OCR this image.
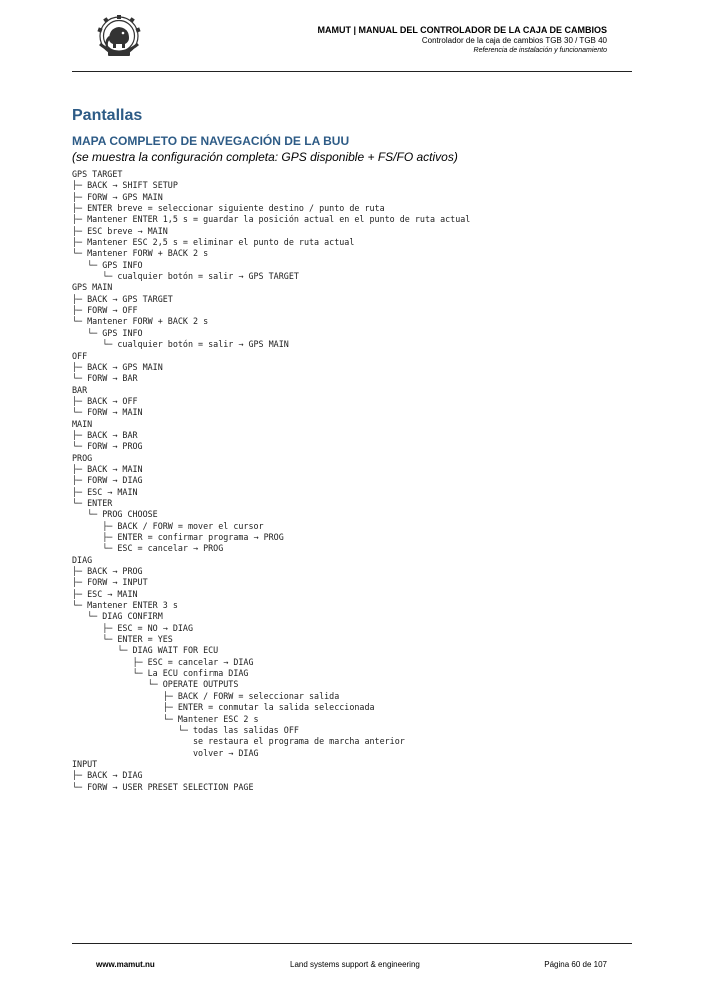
MAMUT | MANUAL DEL CONTROLADOR DE LA CAJA DE CAMBIOS
Controlador de la caja de cambios TGB 30 / TGB 40
Referencia de instalación y funcionamiento
Pantallas
MAPA COMPLETO DE NAVEGACIÓN DE LA BUU

(se muestra la configuración completa: GPS disponible + FS/FO activos)

GPS TARGET
├─ BACK → SHIFT SETUP
├─ FORW → GPS MAIN
├─ ENTER breve = seleccionar siguiente destino / punto de ruta
├─ Mantener ENTER 1,5 s = guardar la posición actual en el punto de ruta actual
├─ ESC breve → MAIN
├─ Mantener ESC 2,5 s = eliminar el punto de ruta actual
└─ Mantener FORW + BACK 2 s
└─ GPS INFO
└─ cualquier botón = salir → GPS TARGET
GPS MAIN
├─ BACK → GPS TARGET
├─ FORW → OFF
└─ Mantener FORW + BACK 2 s
└─ GPS INFO
└─ cualquier botón = salir → GPS MAIN
OFF
├─ BACK → GPS MAIN
└─ FORW → BAR
BAR
├─ BACK → OFF
└─ FORW → MAIN
MAIN
├─ BACK → BAR
└─ FORW → PROG
PROG
├─ BACK → MAIN
├─ FORW → DIAG
├─ ESC → MAIN
└─ ENTER
└─ PROG CHOOSE
├─ BACK / FORW = mover el cursor
├─ ENTER = confirmar programa → PROG
└─ ESC = cancelar → PROG
DIAG
├─ BACK → PROG
├─ FORW → INPUT
├─ ESC → MAIN
└─ Mantener ENTER 3 s
└─ DIAG CONFIRM
├─ ESC = NO → DIAG
└─ ENTER = YES
└─ DIAG WAIT FOR ECU
├─ ESC = cancelar → DIAG
└─ La ECU confirma DIAG
└─ OPERATE OUTPUTS
├─ BACK / FORW = seleccionar salida
├─ ENTER = conmutar la salida seleccionada
└─ Mantener ESC 2 s
└─ todas las salidas OFF
se restaura el programa de marcha anterior
volver → DIAG
INPUT
├─ BACK → DIAG
└─ FORW → USER PRESET SELECTION PAGE
www.mamut.nu	Land systems support & engineering	Página 60 de 107
